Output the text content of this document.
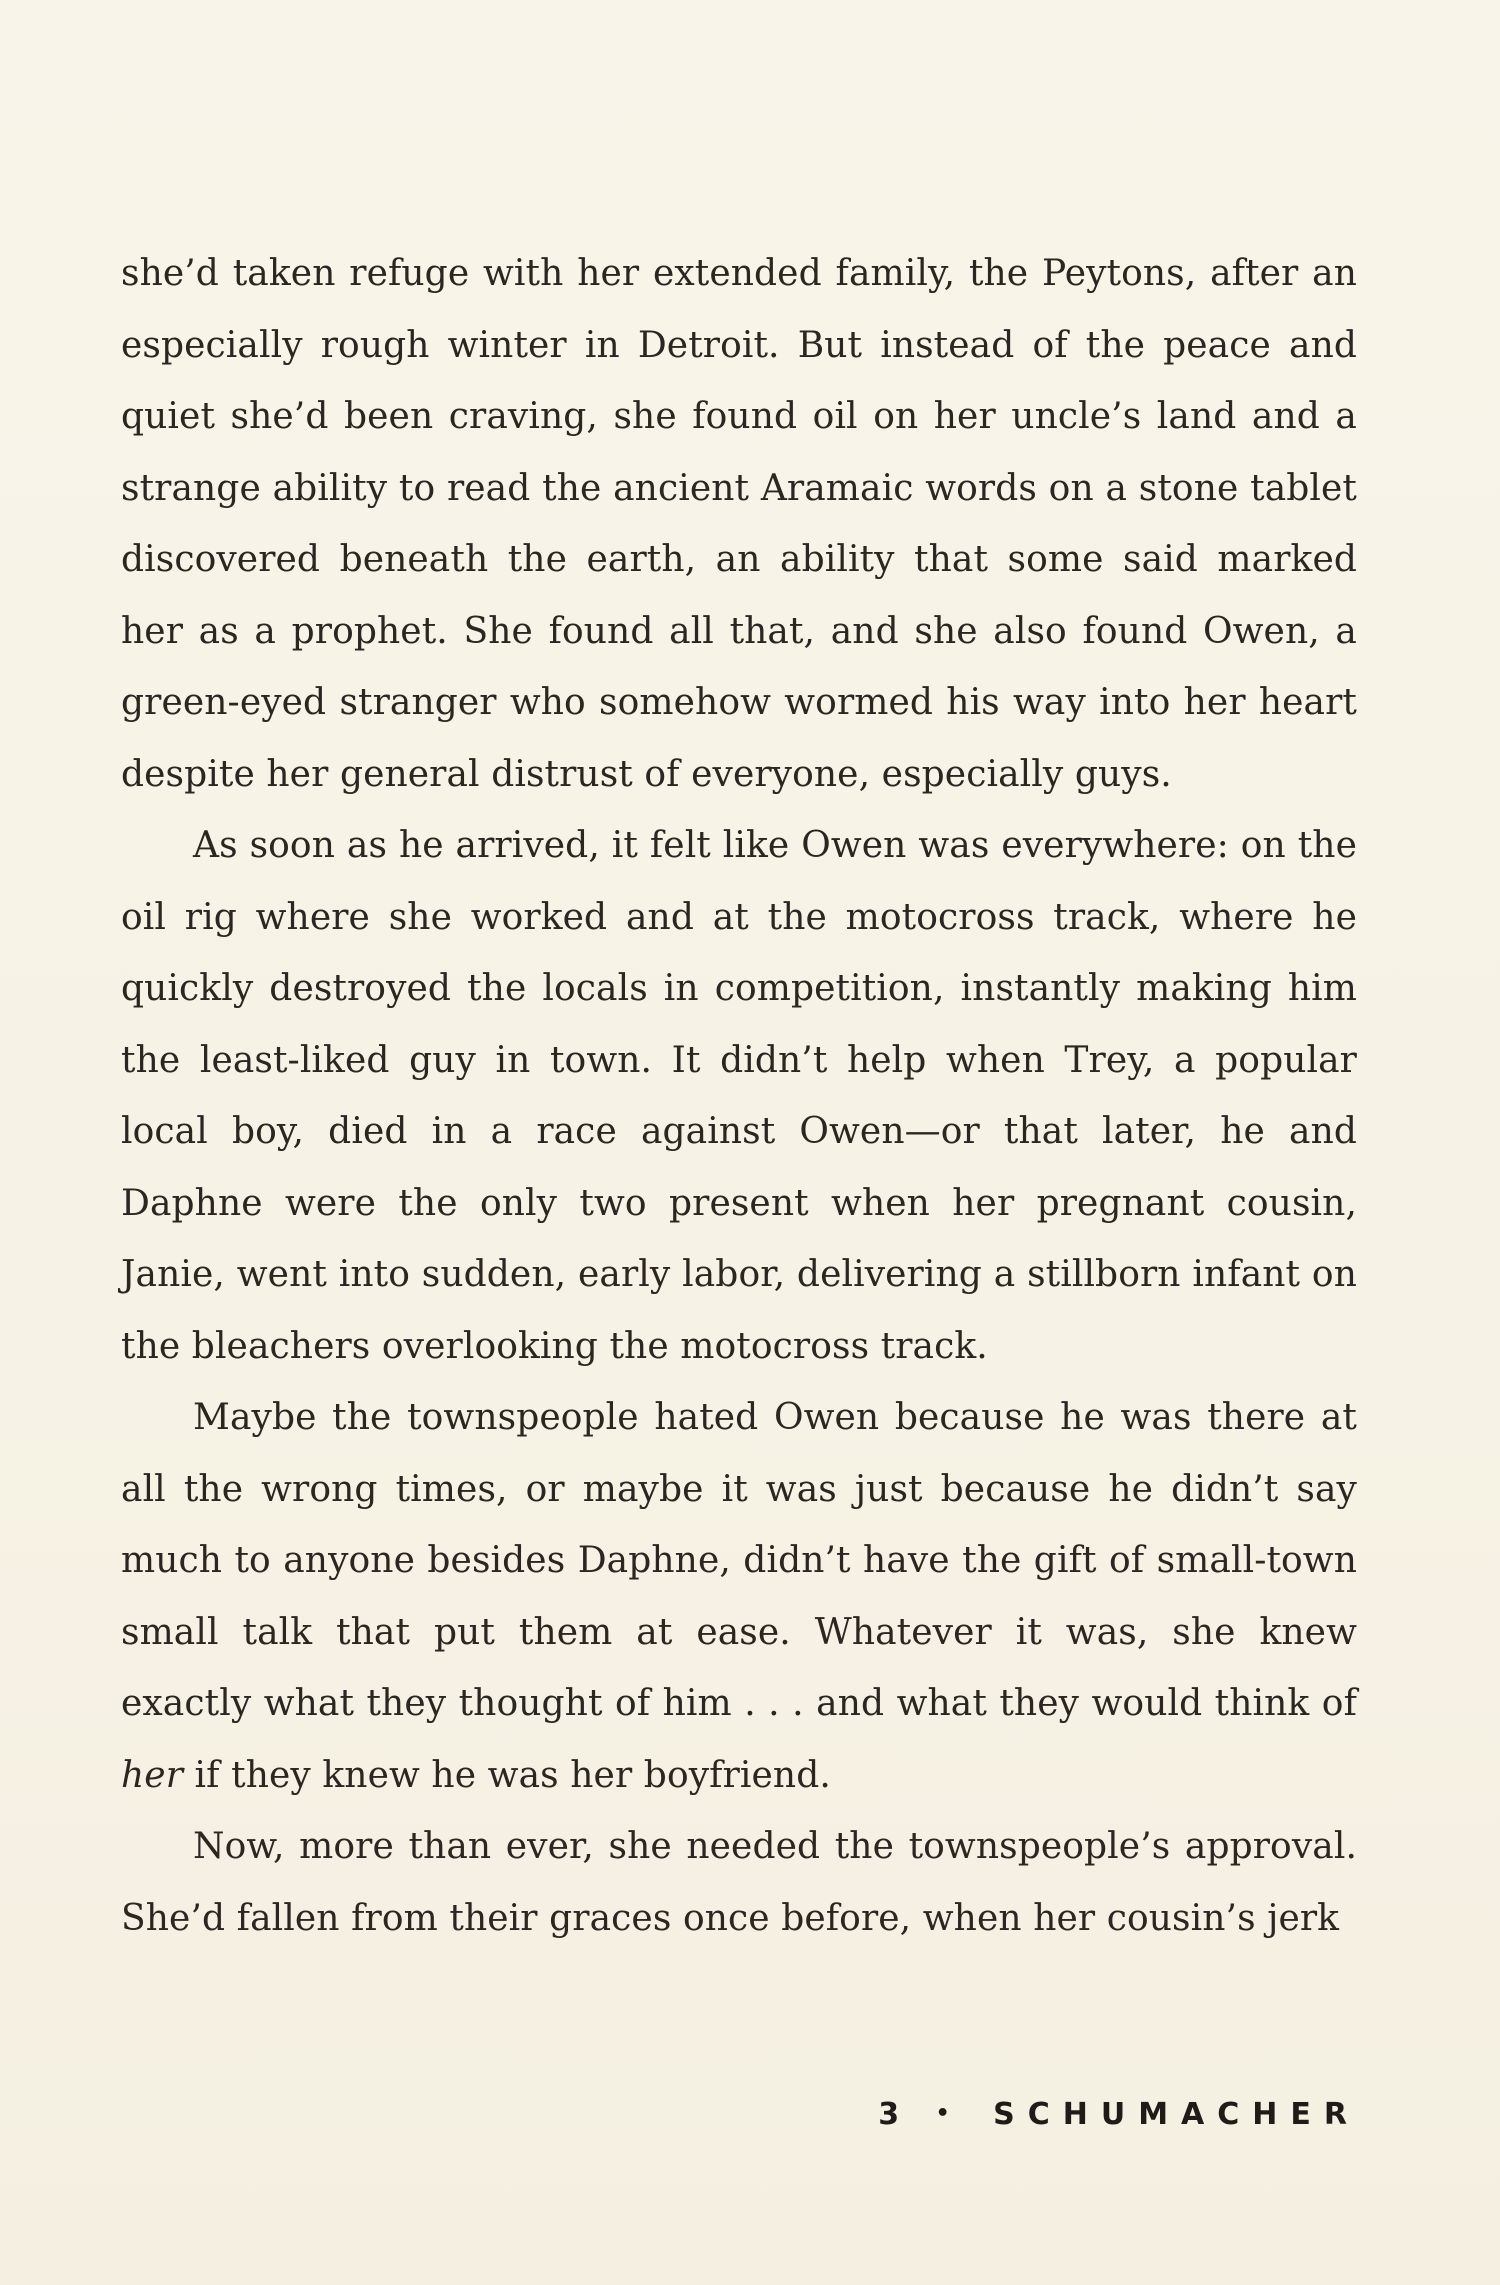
she’d taken refuge with her extended family, the Peytons, after an especially rough winter in Detroit. But instead of the peace and quiet she’d been craving, she found oil on her uncle’s land and a strange ability to read the ancient Aramaic words on a stone tablet discovered beneath the earth, an ability that some said marked her as a prophet. She found all that, and she also found Owen, a green-eyed stranger who somehow wormed his way into her heart despite her general distrust of everyone, especially guys.

As soon as he arrived, it felt like Owen was everywhere: on the oil rig where she worked and at the motocross track, where he quickly destroyed the locals in competition, instantly making him the least-liked guy in town. It didn’t help when Trey, a popular local boy, died in a race against Owen—or that later, he and Daphne were the only two present when her pregnant cousin, Janie, went into sudden, early labor, delivering a stillborn infant on the bleachers overlooking the motocross track.

Maybe the townspeople hated Owen because he was there at all the wrong times, or maybe it was just because he didn’t say much to anyone besides Daphne, didn’t have the gift of small-town small talk that put them at ease. Whatever it was, she knew exactly what they thought of him . . . and what they would think of her if they knew he was her boyfriend.

Now, more than ever, she needed the townspeople’s approval. She’d fallen from their graces once before, when her cousin’s jerk

3 • SCHUMACHER
